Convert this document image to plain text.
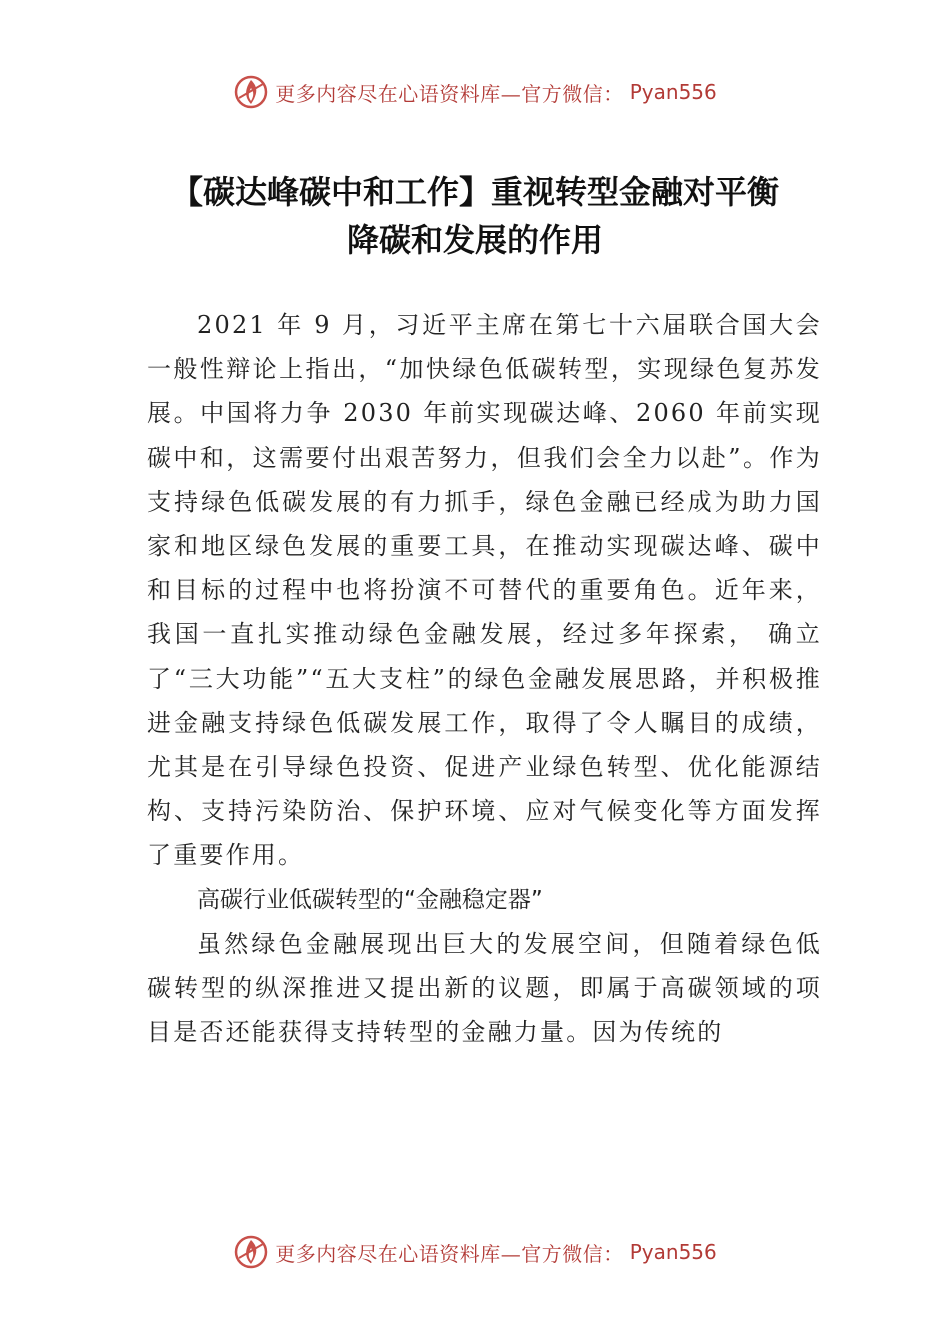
更多内容尽在心语资料库—官方微信： Pyan556
【碳达峰碳中和工作】重视转型金融对平衡
降碳和发展的作用

2021 年 9 月，习近平主席在第七十六届联合国大会一般性辩论上指出，“加快绿色低碳转型，实现绿色复苏发展。中国将力争 2030 年前实现碳达峰、2060 年前实现碳中和，这需要付出艰苦努力，但我们会全力以赴”。作为支持绿色低碳发展的有力抓手，绿色金融已经成为助力国家和地区绿色发展的重要工具，在推动实现碳达峰、碳中和目标的过程中也将扮演不可替代的重要角色。近年来，我国一直扎实推动绿色金融发展，经过多年探索， 确立了“三大功能”“五大支柱”的绿色金融发展思路，并积极推进金融支持绿色低碳发展工作，取得了令人瞩目的成绩，尤其是在引导绿色投资、促进产业绿色转型、优化能源结构、支持污染防治、保护环境、应对气候变化等方面发挥了重要作用。

高碳行业低碳转型的“金融稳定器”

虽然绿色金融展现出巨大的发展空间，但随着绿色低碳转型的纵深推进又提出新的议题，即属于高碳领域的项目是否还能获得支持转型的金融力量。因为传统的

更多内容尽在心语资料库—官方微信： Pyan556
